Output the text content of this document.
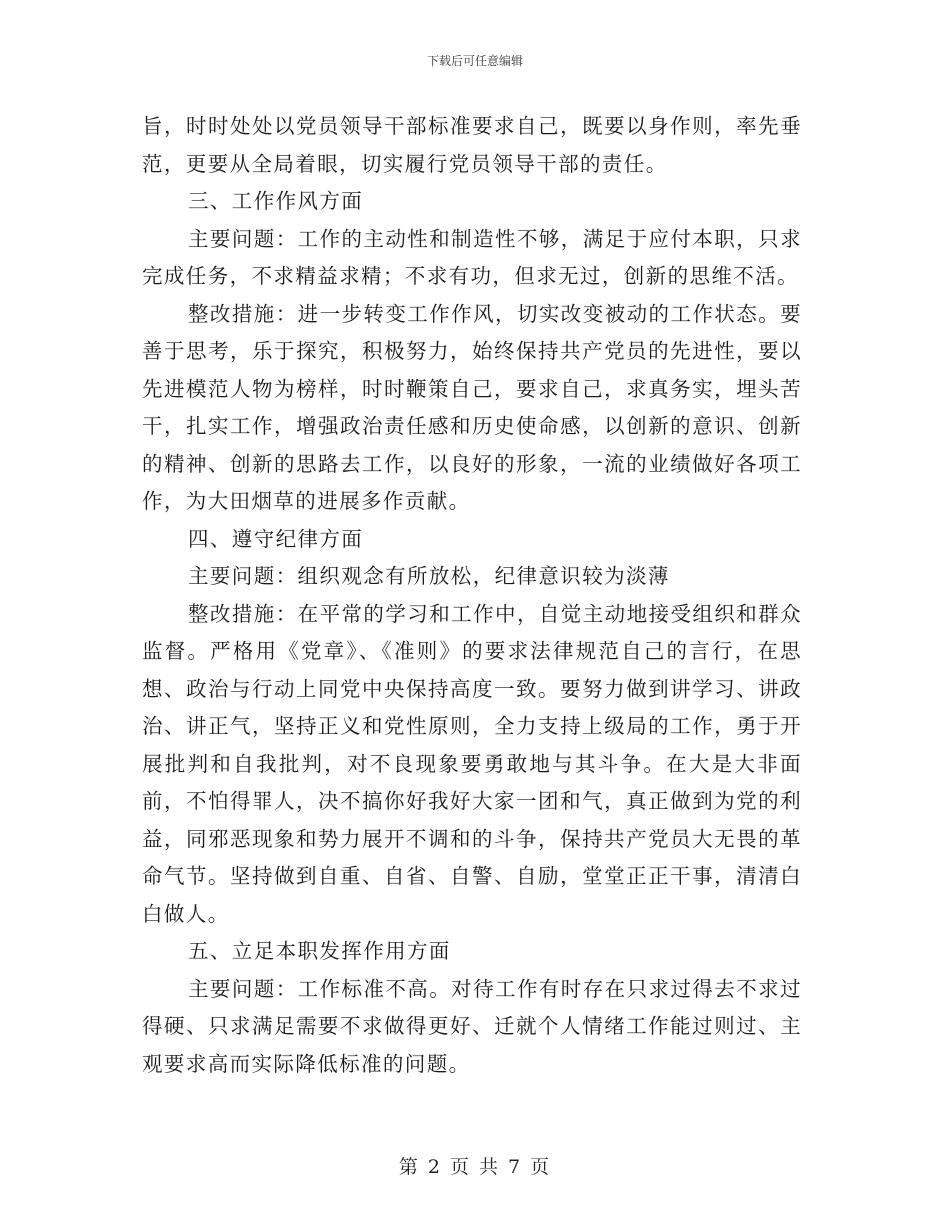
下载后可任意编辑

旨，时时处处以党员领导干部标准要求自己，既要以身作则，率先垂范，更要从全局着眼，切实履行党员领导干部的责任。

三、工作作风方面

主要问题：工作的主动性和制造性不够，满足于应付本职，只求完成任务，不求精益求精；不求有功，但求无过，创新的思维不活。

整改措施：进一步转变工作作风，切实改变被动的工作状态。要善于思考，乐于探究，积极努力，始终保持共产党员的先进性，要以先进模范人物为榜样，时时鞭策自己，要求自己，求真务实，埋头苦干，扎实工作，增强政治责任感和历史使命感，以创新的意识、创新的精神、创新的思路去工作，以良好的形象，一流的业绩做好各项工作，为大田烟草的进展多作贡献。

四、遵守纪律方面

主要问题：组织观念有所放松，纪律意识较为淡薄

整改措施：在平常的学习和工作中，自觉主动地接受组织和群众监督。严格用《党章》、《准则》的要求法律规范自己的言行，在思想、政治与行动上同党中央保持高度一致。要努力做到讲学习、讲政治、讲正气，坚持正义和党性原则，全力支持上级局的工作，勇于开展批判和自我批判，对不良现象要勇敢地与其斗争。在大是大非面前，不怕得罪人，决不搞你好我好大家一团和气，真正做到为党的利益，同邪恶现象和势力展开不调和的斗争，保持共产党员大无畏的革命气节。坚持做到自重、自省、自警、自励，堂堂正正干事，清清白白做人。

五、立足本职发挥作用方面

主要问题：工作标准不高。对待工作有时存在只求过得去不求过得硬、只求满足需要不求做得更好、迁就个人情绪工作能过则过、主观要求高而实际降低标准的问题。

第 2 页 共 7 页
